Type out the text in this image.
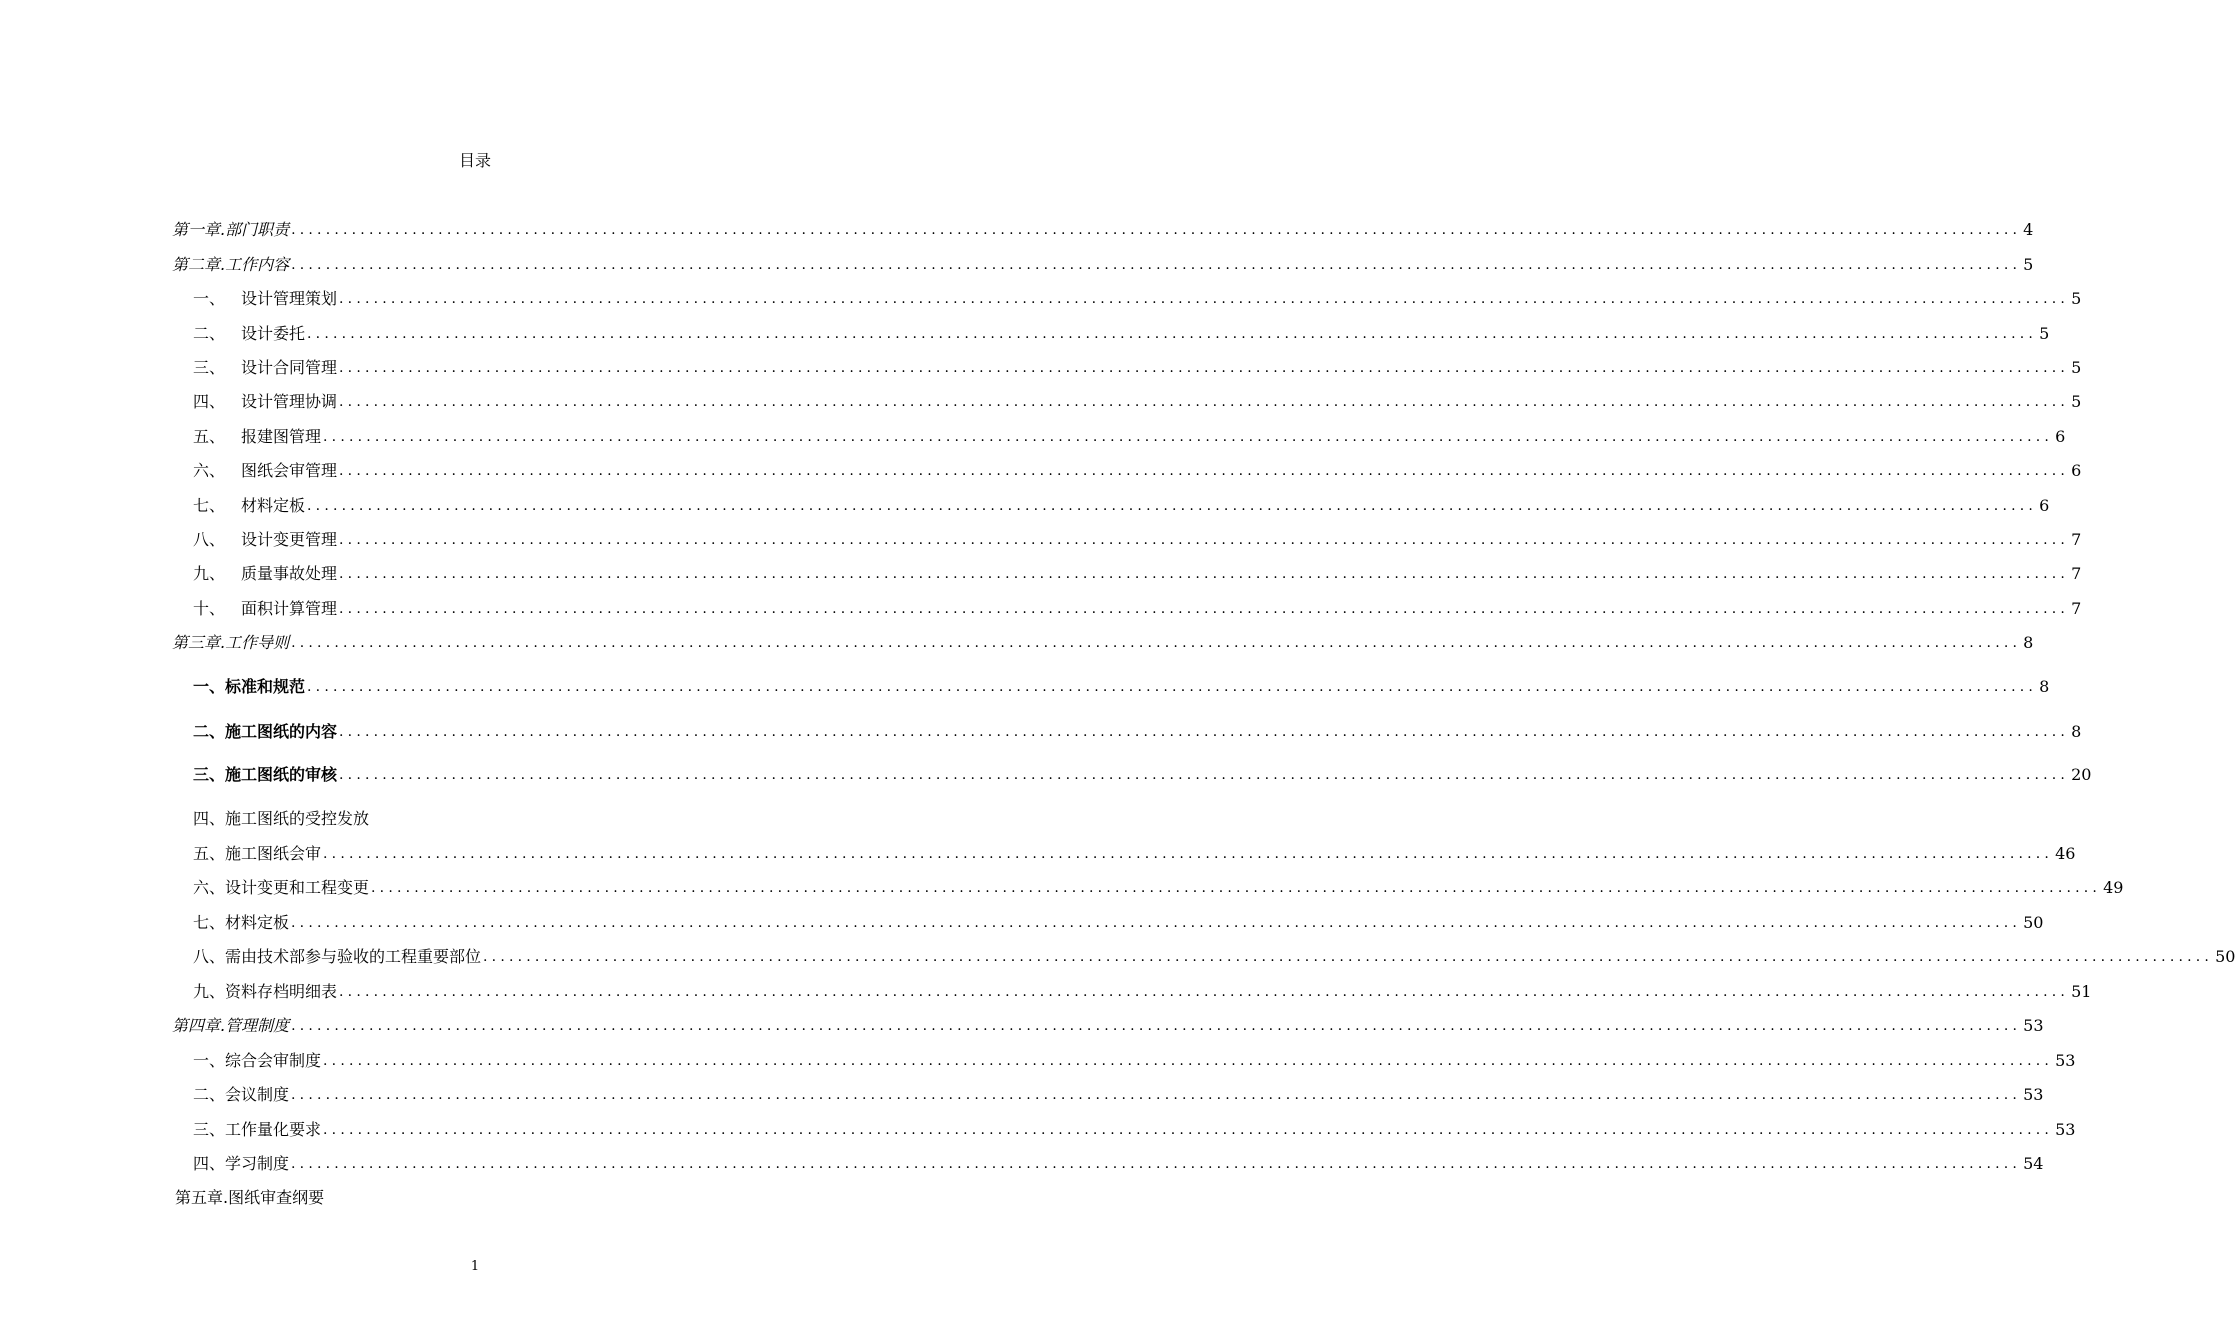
目录
第一章.部门职责 ........................................................................................................................................................................................................ 4
第二章.工作内容 ........................................................................................................................................................................................................ 5
一、 设计管理策划 ........................................................................................................................................................................................................ 5
二、 设计委托 ........................................................................................................................................................................................................ 5
三、 设计合同管理 ........................................................................................................................................................................................................ 5
四、 设计管理协调 ........................................................................................................................................................................................................ 5
五、 报建图管理 ........................................................................................................................................................................................................ 6
六、 图纸会审管理 ........................................................................................................................................................................................................ 6
七、 材料定板 ........................................................................................................................................................................................................ 6
八、 设计变更管理 ........................................................................................................................................................................................................ 7
九、 质量事故处理 ........................................................................................................................................................................................................ 7
十、 面积计算管理 ........................................................................................................................................................................................................ 7
第三章.工作导则 ........................................................................................................................................................................................................ 8
一、标准和规范 ........................................................................................................................................................................................................ 8
二、施工图纸的内容 ........................................................................................................................................................................................................ 8
三、施工图纸的审核 ........................................................................................................................................................................................................ 20
四、施工图纸的受控发放
五、施工图纸会审 ........................................................................................................................................................................................................ 46
六、设计变更和工程变更 ........................................................................................................................................................................................................ 49
七、材料定板 ........................................................................................................................................................................................................ 50
八、需由技术部参与验收的工程重要部位 ........................................................................................................................................................................................................ 50
九、资料存档明细表 ........................................................................................................................................................................................................ 51
第四章.管理制度 ........................................................................................................................................................................................................ 53
一、综合会审制度 ........................................................................................................................................................................................................ 53
二、会议制度 ........................................................................................................................................................................................................ 53
三、工作量化要求 ........................................................................................................................................................................................................ 53
四、学习制度 ........................................................................................................................................................................................................ 54
第五章.图纸审查纲要
1
